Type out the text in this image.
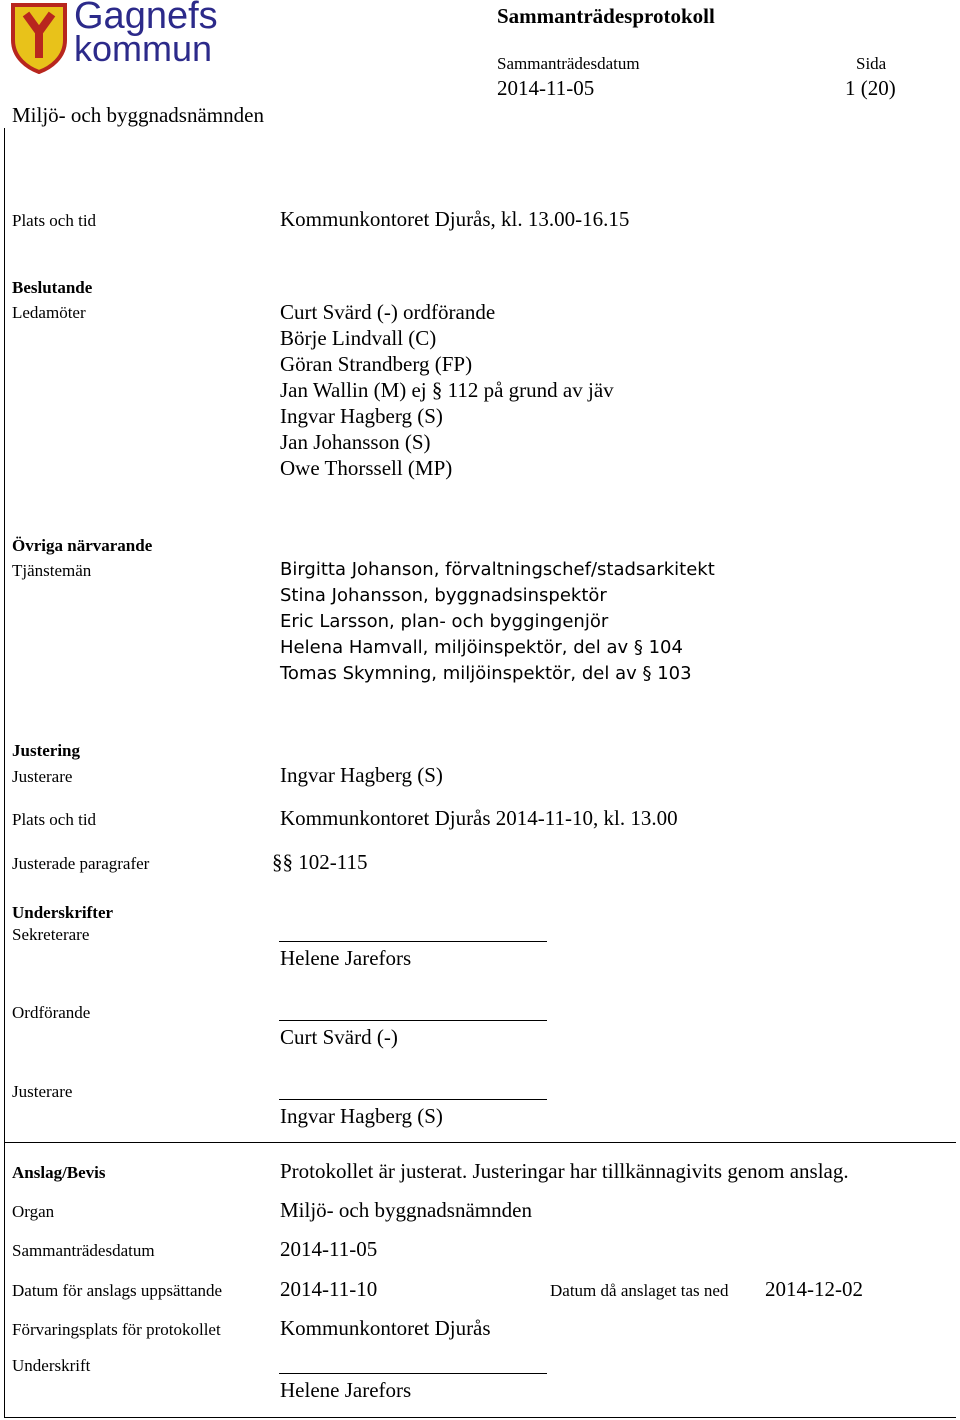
Gagnefs
kommun
Sammanträdesprotokoll
Sammanträdesdatum
2014-11-05
Sida
1 (20)
Miljö- och byggnadsnämnden
Plats och tid	Kommunkontoret Djurås, kl. 13.00-16.15
Beslutande
Ledamöter	Curt Svärd (-) ordförande
Börje Lindvall (C)
Göran Strandberg (FP)
Jan Wallin (M) ej § 112 på grund av jäv
Ingvar Hagberg (S)
Jan Johansson (S)
Owe Thorssell (MP)
Övriga närvarande
Tjänstemän	Birgitta Johanson, förvaltningschef/stadsarkitekt
Stina Johansson, byggnadsinspektör
Eric Larsson, plan- och byggingenjör
Helena Hamvall, miljöinspektör, del av § 104
Tomas Skymning, miljöinspektör, del av § 103
Justering
Justerare	Ingvar Hagberg (S)
Plats och tid	Kommunkontoret Djurås 2014-11-10, kl. 13.00
Justerade paragrafer	§§ 102-115
Underskrifter
Sekreterare
Helene Jarefors
Ordförande
Curt Svärd (-)
Justerare
Ingvar Hagberg (S)
Anslag/Bevis	Protokollet är justerat. Justeringar har tillkännagivits genom anslag.
Organ	Miljö- och byggnadsnämnden
Sammanträdesdatum	2014-11-05
Datum för anslags uppsättande	2014-11-10	Datum då anslaget tas ned 2014-12-02
Förvaringsplats för protokollet	Kommunkontoret Djurås
Underskrift
Helene Jarefors
